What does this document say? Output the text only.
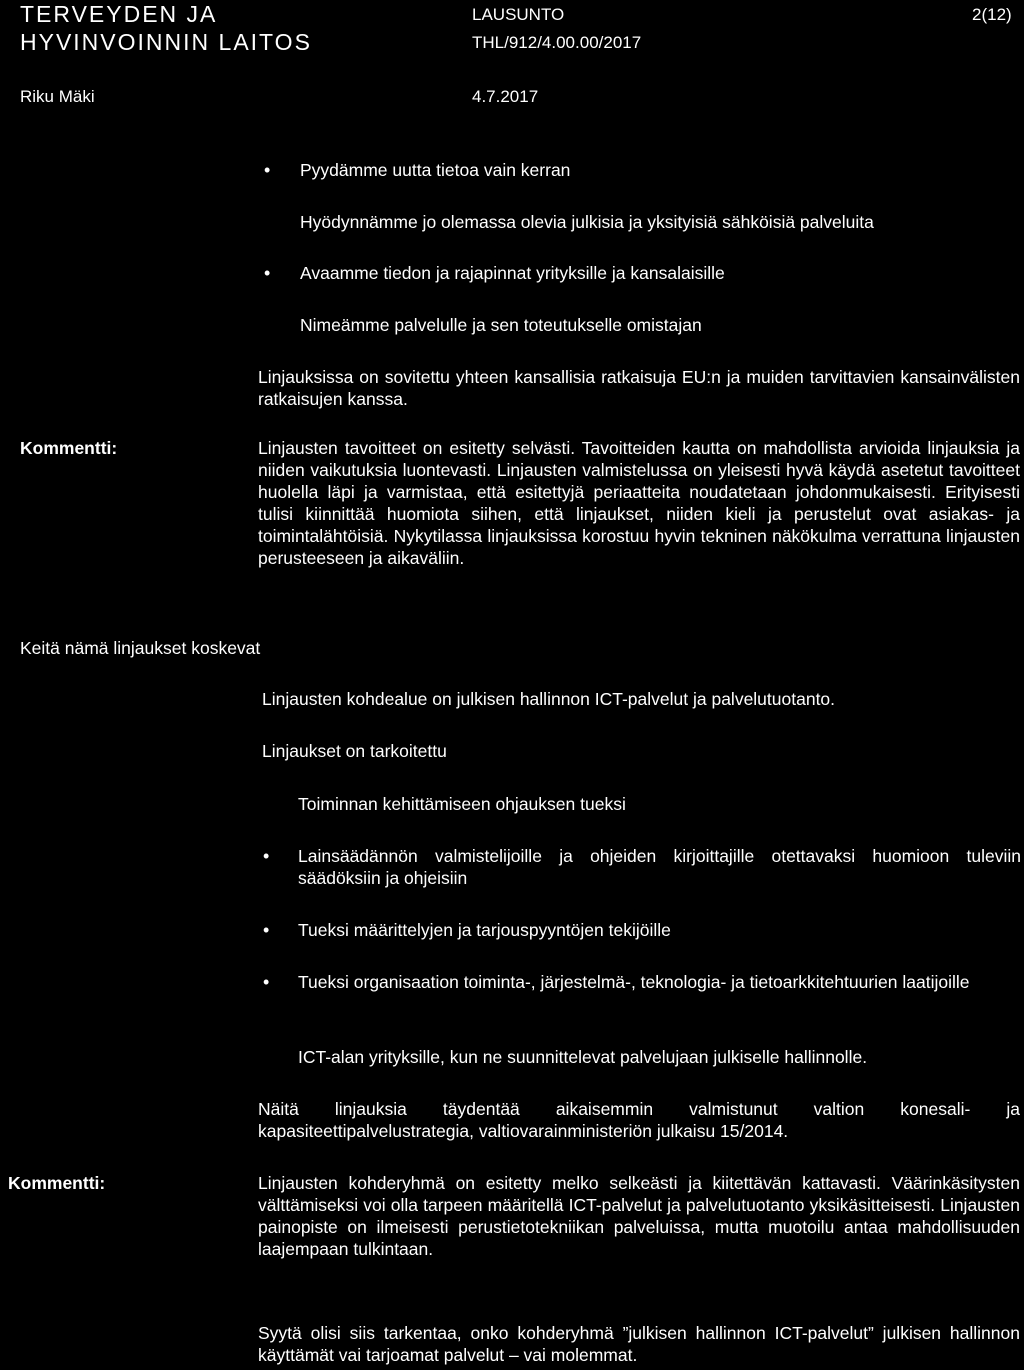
TERVEYDEN JA
HYVINVOINNIN LAITOS
LAUSUNTO	2(12)
THL/912/4.00.00/2017
Riku Mäki	4.7.2017
• Pyydämme uutta tietoa vain kerran
Hyödynnämme jo olemassa olevia julkisia ja yksityisiä sähköisiä palveluita
• Avaamme tiedon ja rajapinnat yrityksille ja kansalaisille
Nimeämme palvelulle ja sen toteutukselle omistajan
Linjauksissa on sovitettu yhteen kansallisia ratkaisuja EU:n ja muiden tarvittavien kansainvälisten ratkaisujen kanssa.
Kommentti:	Linjausten tavoitteet on esitetty selvästi. Tavoitteiden kautta on mahdollista arvioida linjauksia ja niiden vaikutuksia luontevasti. Linjausten valmistelussa on yleisesti hyvä käydä asetetut tavoitteet huolella läpi ja varmistaa, että esitettyjä periaatteita noudatetaan johdonmukaisesti. Erityisesti tulisi kiinnittää huomiota siihen, että linjaukset, niiden kieli ja perustelut ovat asiakas- ja toimintalähtöisiä. Nykytilassa linjauksissa korostuu hyvin tekninen näkökulma verrattuna linjausten perusteeseen ja aikaväliin.
Keitä nämä linjaukset koskevat
Linjausten kohdealue on julkisen hallinnon ICT-palvelut ja palvelutuotanto.
Linjaukset on tarkoitettu
Toiminnan kehittämiseen ohjauksen tueksi
• Lainsäädännön valmistelijoille ja ohjeiden kirjoittajille otettavaksi huomioon tuleviin säädöksiin ja ohjeisiin
• Tueksi määrittelyjen ja tarjouspyyntöjen tekijöille
• Tueksi organisaation toiminta-, järjestelmä-, teknologia- ja tietoarkkitehtuurien laatijoille
ICT-alan yrityksille, kun ne suunnittelevat palvelujaan julkiselle hallinnolle.
Näitä linjauksia täydentää aikaisemmin valmistunut valtion konesali- ja kapasiteettipalvelustrategia, valtiovarainministeriön julkaisu 15/2014.
Kommentti:	Linjausten kohderyhmä on esitetty melko selkeästi ja kiitettävän kattavasti. Väärinkäsitysten välttämiseksi voi olla tarpeen määritellä ICT-palvelut ja palvelutuotanto yksikäsitteisesti. Linjausten painopiste on ilmeisesti perustietotekniikan palveluissa, mutta muotoilu antaa mahdollisuuden laajempaan tulkintaan.
Syytä olisi siis tarkentaa, onko kohderyhmä ”julkisen hallinnon ICT-palvelut” julkisen hallinnon käyttämät vai tarjoamat palvelut – vai molemmat.
